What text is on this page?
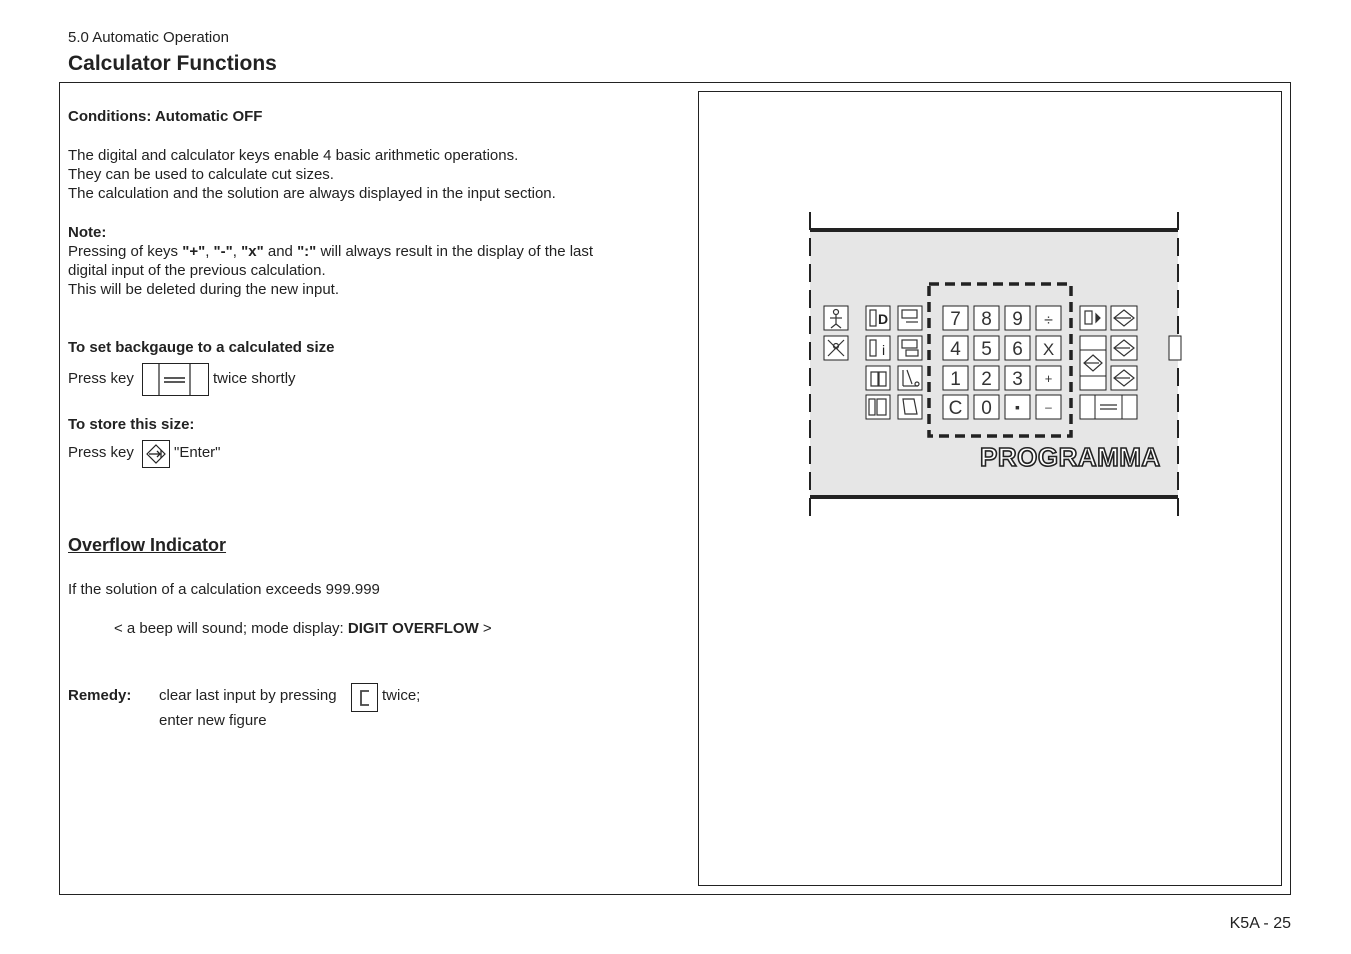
5.0 Automatic Operation
Calculator Functions
Conditions: Automatic OFF
The digital and calculator keys enable 4 basic arithmetic operations.
They can be used to calculate cut sizes.
The calculation and the solution are always displayed in the input section.
Note:
Pressing of keys "+", "-", "x" and ":" will always result in the display of the last
digital input of the previous calculation.
This will be deleted during the new input.
To set backgauge to a calculated size
Press key	twice shortly
To store this size:
Press key	"Enter"
Overflow Indicator
If the solution of a calculation exceeds 999.999
< a beep will sound; mode display: DIGIT OVERFLOW >
Remedy: clear last input by pressing	twice;
enter new figure
D
i
7 8 9 ÷
4 5 6 X
1 2 3 +
C 0 ▪ –
PROGRAMMA
K5A - 25
